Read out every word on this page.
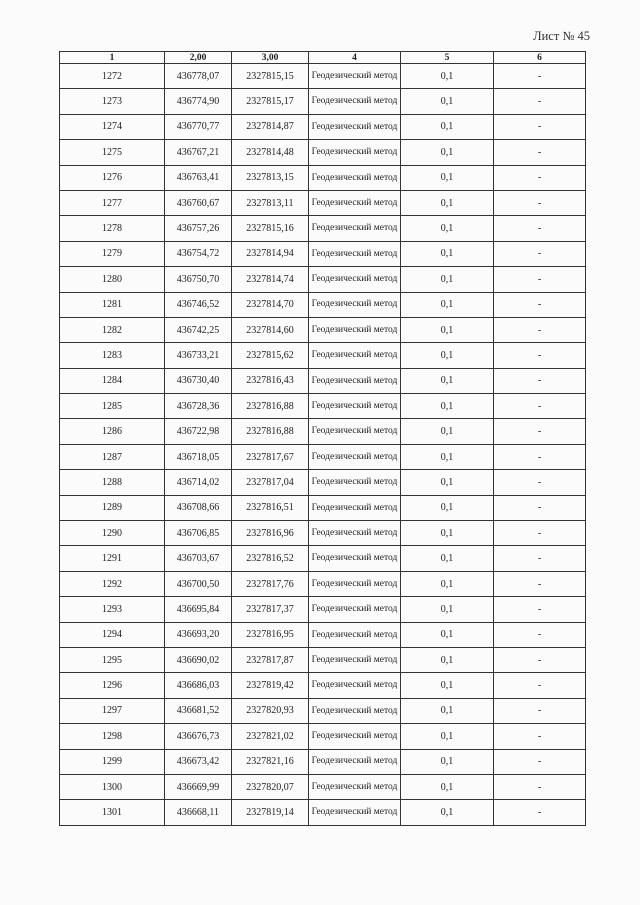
Лист № 45
1	2,00	3,00	4	5	6
1272	436778,07	2327815,15	Геодезический метод	0,1	-
1273	436774,90	2327815,17	Геодезический метод	0,1	-
1274	436770,77	2327814,87	Геодезический метод	0,1	-
1275	436767,21	2327814,48	Геодезический метод	0,1	-
1276	436763,41	2327813,15	Геодезический метод	0,1	-
1277	436760,67	2327813,11	Геодезический метод	0,1	-
1278	436757,26	2327815,16	Геодезический метод	0,1	-
1279	436754,72	2327814,94	Геодезический метод	0,1	-
1280	436750,70	2327814,74	Геодезический метод	0,1	-
1281	436746,52	2327814,70	Геодезический метод	0,1	-
1282	436742,25	2327814,60	Геодезический метод	0,1	-
1283	436733,21	2327815,62	Геодезический метод	0,1	-
1284	436730,40	2327816,43	Геодезический метод	0,1	-
1285	436728,36	2327816,88	Геодезический метод	0,1	-
1286	436722,98	2327816,88	Геодезический метод	0,1	-
1287	436718,05	2327817,67	Геодезический метод	0,1	-
1288	436714,02	2327817,04	Геодезический метод	0,1	-
1289	436708,66	2327816,51	Геодезический метод	0,1	-
1290	436706,85	2327816,96	Геодезический метод	0,1	-
1291	436703,67	2327816,52	Геодезический метод	0,1	-
1292	436700,50	2327817,76	Геодезический метод	0,1	-
1293	436695,84	2327817,37	Геодезический метод	0,1	-
1294	436693,20	2327816,95	Геодезический метод	0,1	-
1295	436690,02	2327817,87	Геодезический метод	0,1	-
1296	436686,03	2327819,42	Геодезический метод	0,1	-
1297	436681,52	2327820,93	Геодезический метод	0,1	-
1298	436676,73	2327821,02	Геодезический метод	0,1	-
1299	436673,42	2327821,16	Геодезический метод	0,1	-
1300	436669,99	2327820,07	Геодезический метод	0,1	-
1301	436668,11	2327819,14	Геодезический метод	0,1	-
